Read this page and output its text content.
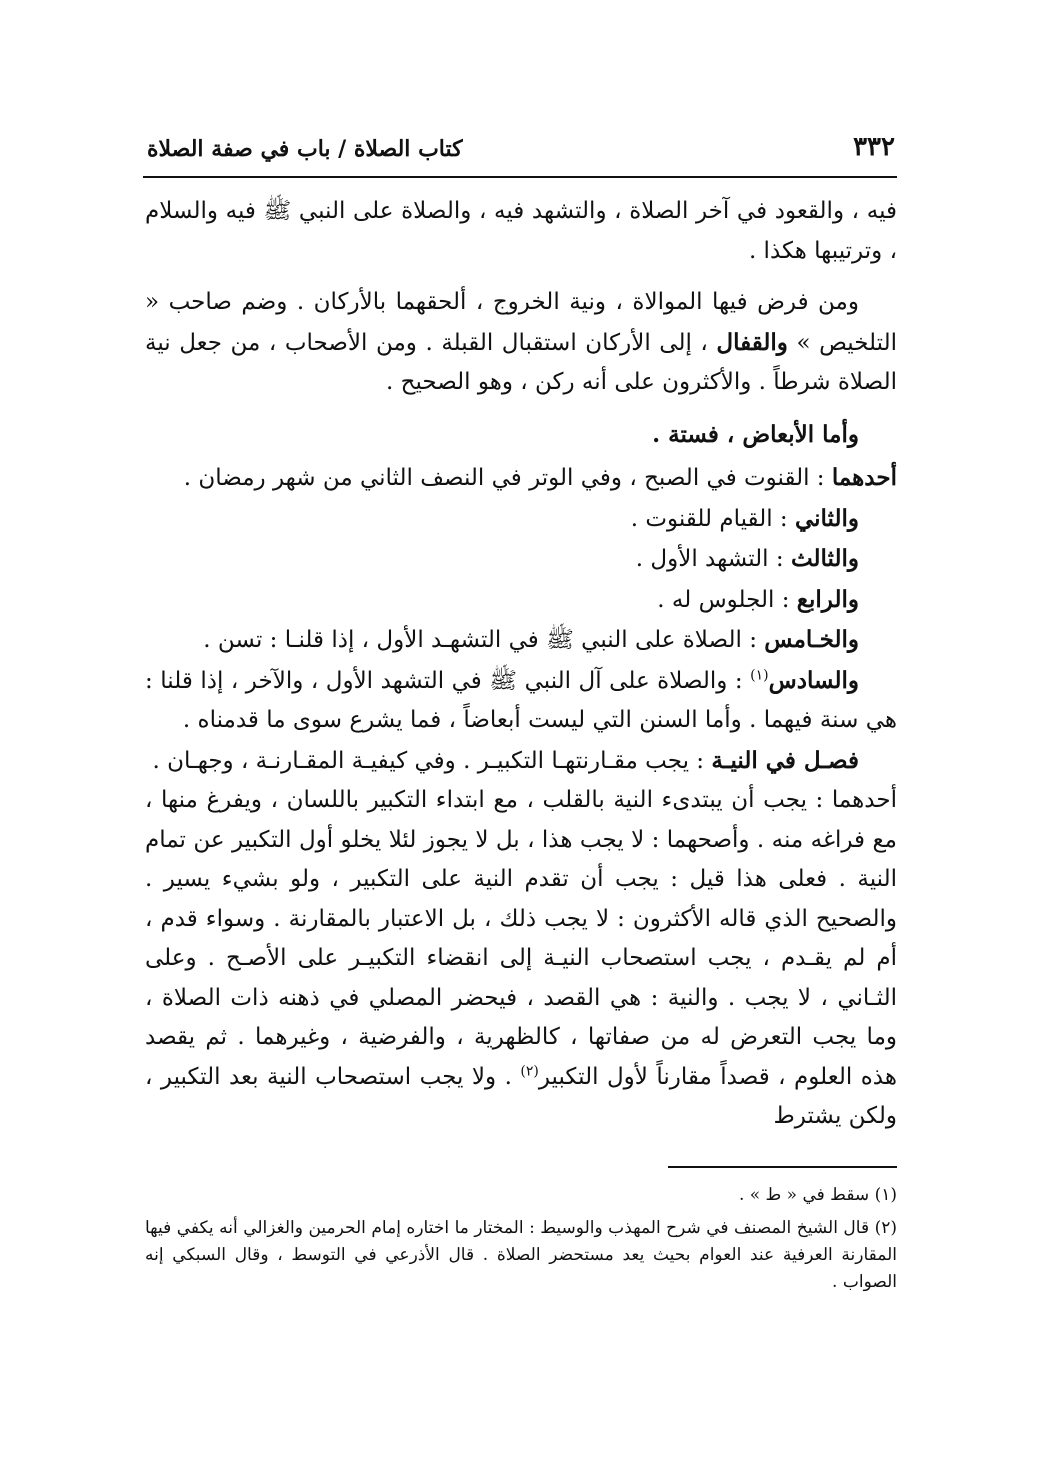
٣٣٢
كتاب الصلاة / باب في صفة الصلاة

فيه ، والقعود في آخر الصلاة ، والتشهد فيه ، والصلاة على النبي ﷺ فيه والسلام ، وترتيبها هكذا .

ومن فرض فيها الموالاة ، ونية الخروج ، ألحقهما بالأركان . وضم صاحب « التلخيص » والقفال ، إلى الأركان استقبال القبلة . ومن الأصحاب ، من جعل نية الصلاة شرطاً . والأكثرون على أنه ركن ، وهو الصحيح .

وأما الأبعاض ، فستة .

أحدهما : القنوت في الصبح ، وفي الوتر في النصف الثاني من شهر رمضان .

والثاني : القيام للقنوت .

والثالث : التشهد الأول .

والرابع : الجلوس له .

والخـامس : الصلاة على النبي ﷺ في التشهـد الأول ، إذا قلنـا : تسن .

والسادس$^{(١)}$ : والصلاة على آل النبي ﷺ في التشهد الأول ، والآخر ، إذا قلنا : هي سنة فيهما . وأما السنن التي ليست أبعاضاً ، فما يشرع سوى ما قدمناه .

فصـل في النيـة : يجب مقـارنتهـا التكبيـر . وفي كيفيـة المقـارنـة ، وجهـان .

أحدهما : يجب أن يبتدىء النية بالقلب ، مع ابتداء التكبير باللسان ، ويفرغ منها ، مع فراغه منه . وأصحهما : لا يجب هذا ، بل لا يجوز لئلا يخلو أول التكبير عن تمام النية . فعلى هذا قيل : يجب أن تقدم النية على التكبير ، ولو بشيء يسير . والصحيح الذي قاله الأكثرون : لا يجب ذلك ، بل الاعتبار بالمقارنة . وسواء قدم ، أم لم يقـدم ، يجب استصحاب النيـة إلى انقضاء التكبيـر على الأصـح . وعلى الثـاني ، لا يجب . والنية : هي القصد ، فيحضر المصلي في ذهنه ذات الصلاة ، وما يجب التعرض له من صفاتها ، كالظهرية ، والفرضية ، وغيرهما . ثم يقصد هذه العلوم ، قصداً مقارناً لأول التكبير$^{(٢)}$ . ولا يجب استصحاب النية بعد التكبير ، ولكن يشترط

(١) سقط في « ط » .

(٢) قال الشيخ المصنف في شرح المهذب والوسيط : المختار ما اختاره إمام الحرمين والغزالي أنه يكفي فيها المقارنة العرفية عند العوام بحيث يعد مستحضر الصلاة . قال الأذرعي في التوسط ، وقال السبكي إنه الصواب .
